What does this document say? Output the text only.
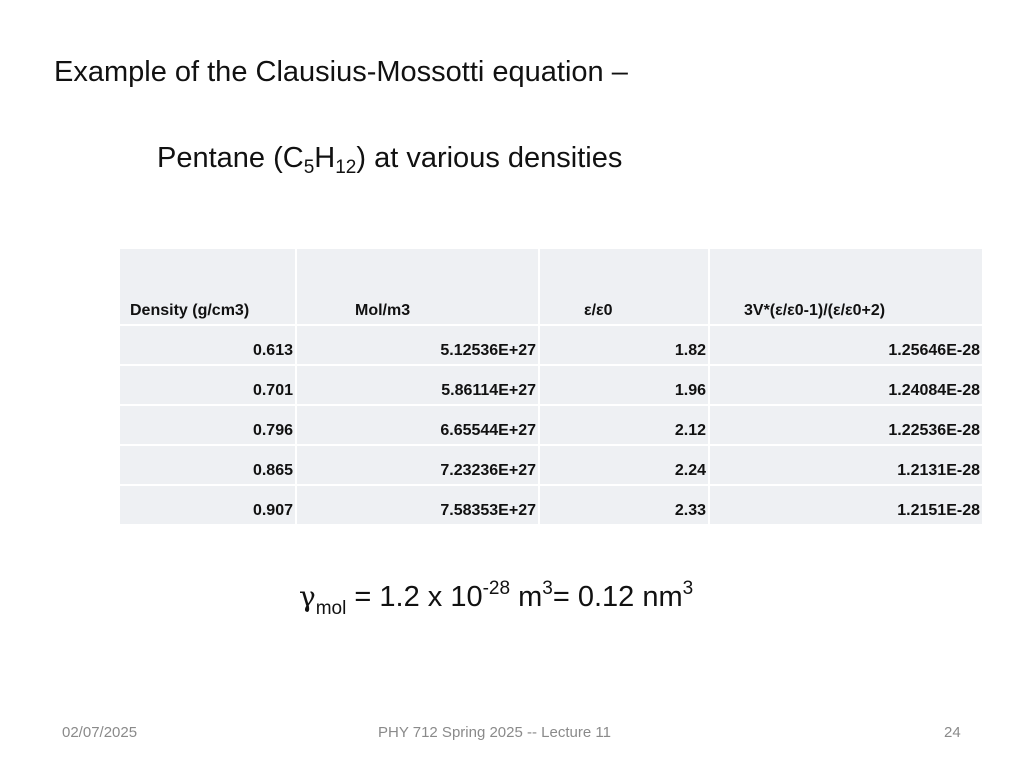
Example of the Clausius-Mossotti equation –
Pentane $(C_5H_{12})$ at various densities
Density (g/cm3)	Mol/m3	ε/ε0	3V*(ε/ε0-1)/(ε/ε0+2)
0.613	5.12536E+27	1.82	1.25646E-28
0.701	5.86114E+27	1.96	1.24084E-28
0.796	6.65544E+27	2.12	1.22536E-28
0.865	7.23236E+27	2.24	1.2131E-28
0.907	7.58353E+27	2.33	1.2151E-28
$\gamma_{mol} = 1.2$ x $10^{-28}$ $m^3= 0.12$ $nm^3$
02/07/2025	PHY 712 Spring 2025 -- Lecture 11	24
